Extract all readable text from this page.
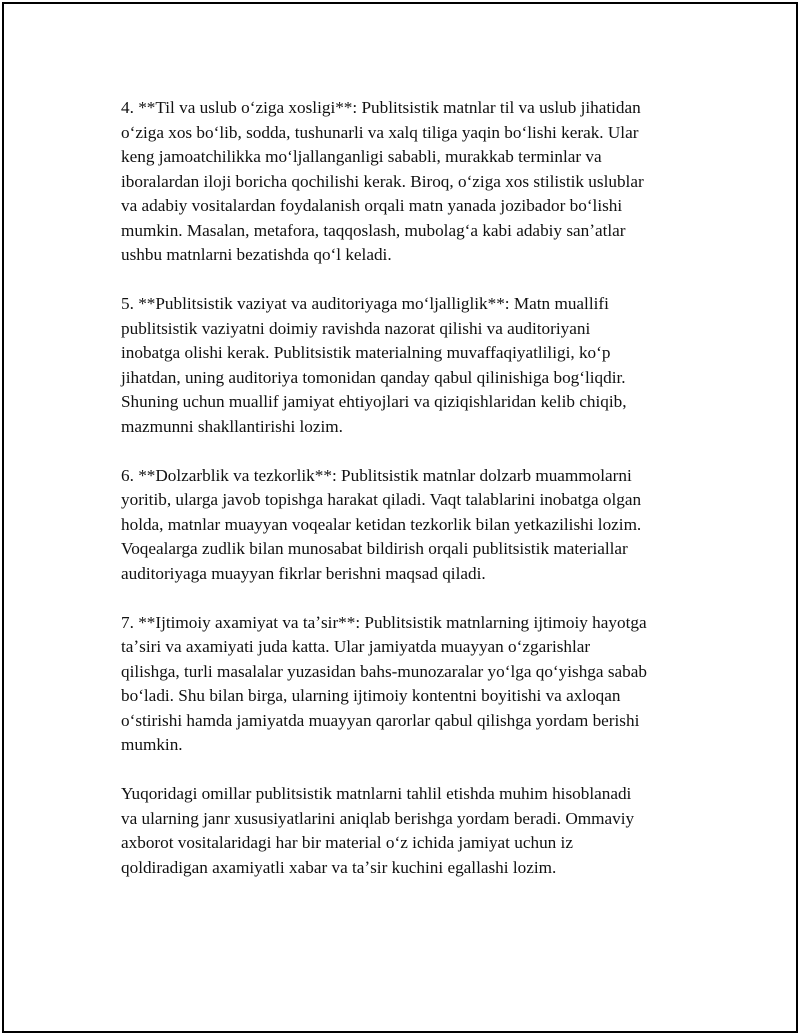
4. **Til va uslub oʻziga xosligi**: Publitsistik matnlar til va uslub jihatidan
oʻziga xos boʻlib, sodda, tushunarli va xalq tiliga yaqin boʻlishi kerak. Ular
keng jamoatchilikka moʻljallanganligi sababli, murakkab terminlar va
iboralardan iloji boricha qochilishi kerak. Biroq, oʻziga xos stilistik uslublar
va adabiy vositalardan foydalanish orqali matn yanada jozibador boʻlishi
mumkin. Masalan, metafora, taqqoslash, mubolagʻa kabi adabiy sanʼatlar
ushbu matnlarni bezatishda qoʻl keladi.

5. **Publitsistik vaziyat va auditoriyaga moʻljalliglik**: Matn muallifi
publitsistik vaziyatni doimiy ravishda nazorat qilishi va auditoriyani
inobatga olishi kerak. Publitsistik materialning muvaffaqiyatliligi, koʻp
jihatdan, uning auditoriya tomonidan qanday qabul qilinishiga bogʻliqdir.
Shuning uchun muallif jamiyat ehtiyojlari va qiziqishlaridan kelib chiqib,
mazmunni shakllantirishi lozim.

6. **Dolzarblik va tezkorlik**: Publitsistik matnlar dolzarb muammolarni
yoritib, ularga javob topishga harakat qiladi. Vaqt talablarini inobatga olgan
holda, matnlar muayyan voqealar ketidan tezkorlik bilan yetkazilishi lozim.
Voqealarga zudlik bilan munosabat bildirish orqali publitsistik materiallar
auditoriyaga muayyan fikrlar berishni maqsad qiladi.

7. **Ijtimoiy axamiyat va taʼsir**: Publitsistik matnlarning ijtimoiy hayotga
taʼsiri va axamiyati juda katta. Ular jamiyatda muayyan oʻzgarishlar
qilishga, turli masalalar yuzasidan bahs-munozaralar yoʻlga qoʻyishga sabab
boʻladi. Shu bilan birga, ularning ijtimoiy kontentni boyitishi va axloqan
oʻstirishi hamda jamiyatda muayyan qarorlar qabul qilishga yordam berishi
mumkin.

Yuqoridagi omillar publitsistik matnlarni tahlil etishda muhim hisoblanadi
va ularning janr xususiyatlarini aniqlab berishga yordam beradi. Ommaviy
axborot vositalaridagi har bir material oʻz ichida jamiyat uchun iz
qoldiradigan axamiyatli xabar va taʼsir kuchini egallashi lozim.
